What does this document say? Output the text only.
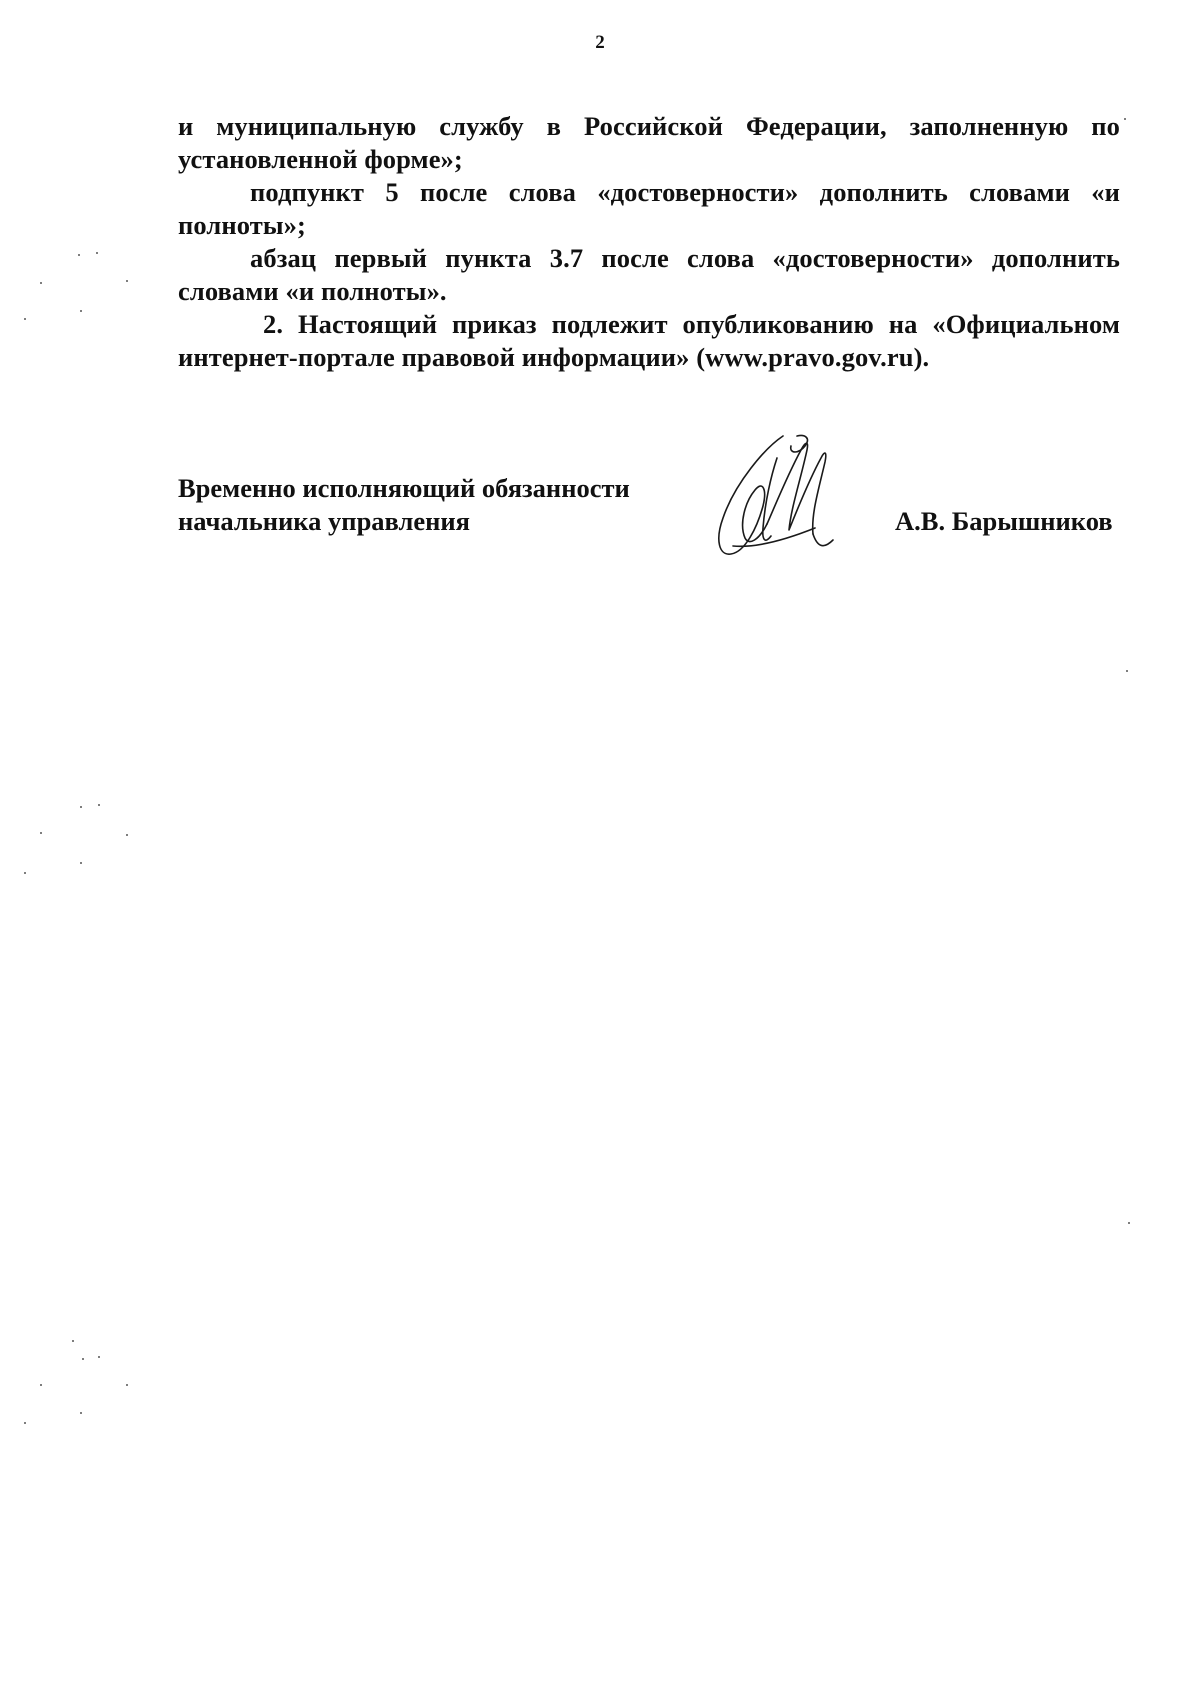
2

и муниципальную службу в Российской Федерации, заполненную по установленной форме»;

подпункт 5 после слова «достоверности» дополнить словами «и полноты»;

абзац первый пункта 3.7 после слова «достоверности» дополнить словами «и полноты».

2. Настоящий приказ подлежит опубликованию на «Официальном интернет-портале правовой информации» (www.pravo.gov.ru).

Временно исполняющий обязанности
начальника управления	А.В. Барышников
